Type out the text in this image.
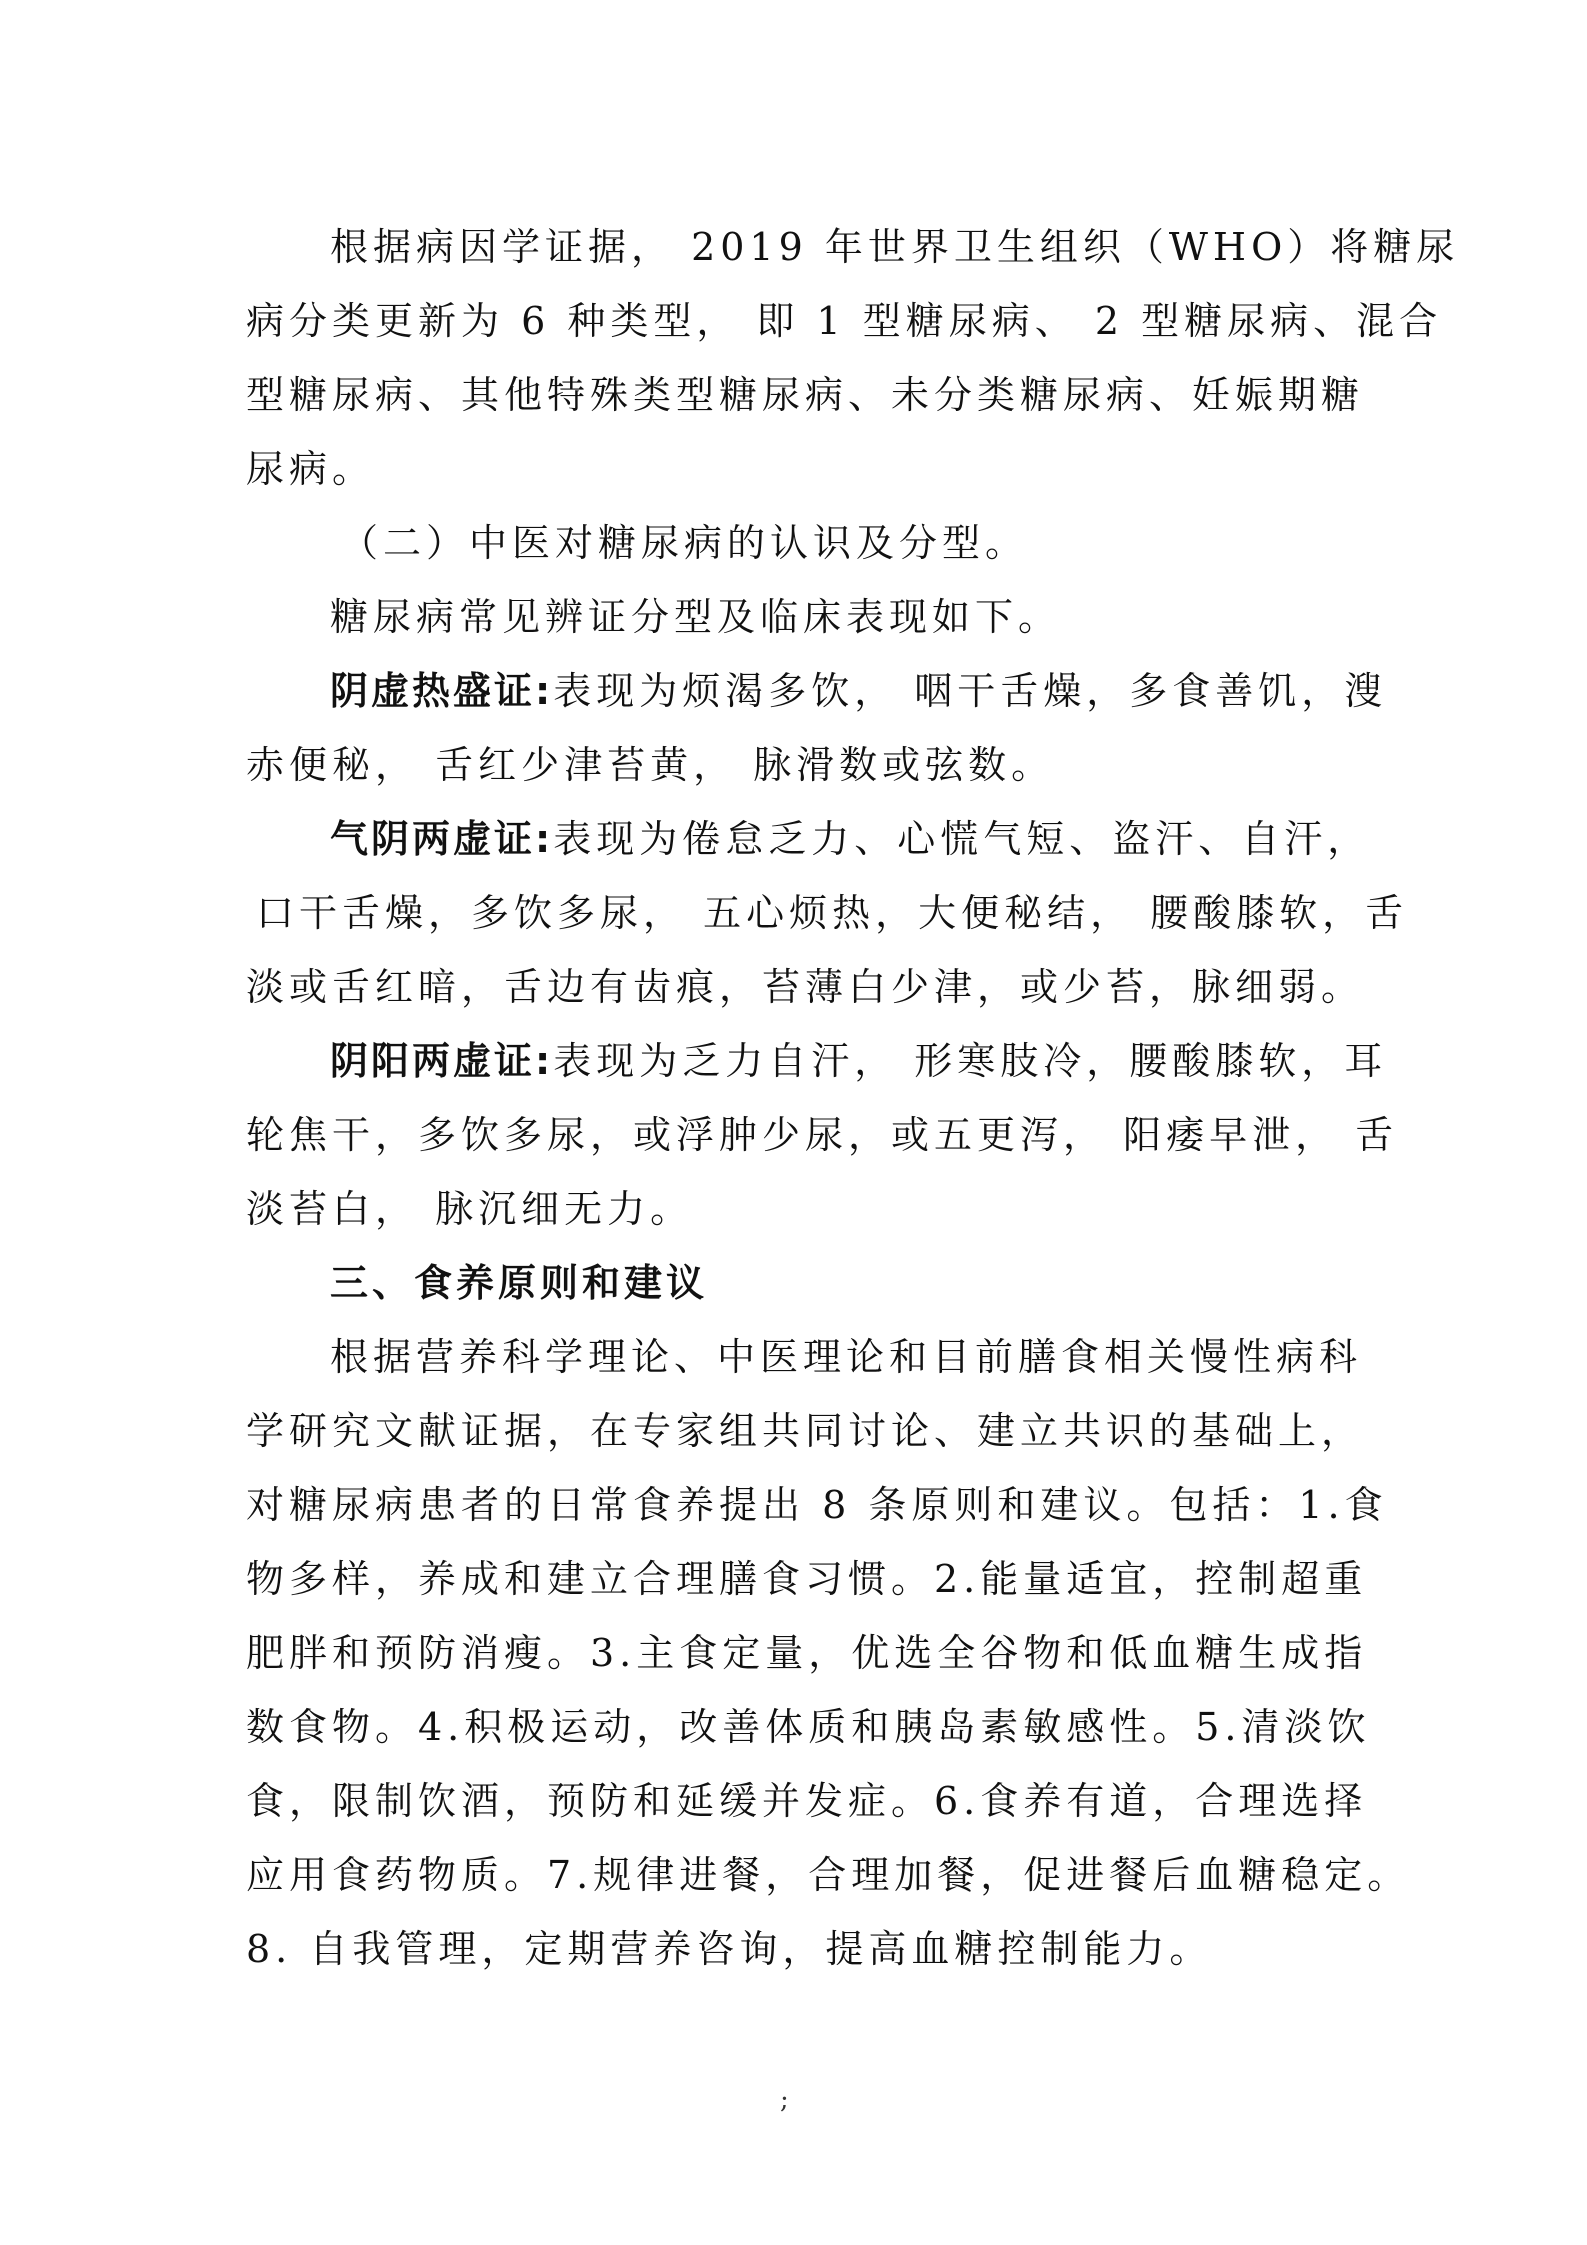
根据病因学证据， 2019 年世界卫生组织（WHO）将糖尿
病分类更新为 6 种类型， 即 1 型糖尿病、 2 型糖尿病、混合
型糖尿病、其他特殊类型糖尿病、未分类糖尿病、妊娠期糖
尿病。
（二）中医对糖尿病的认识及分型。
糖尿病常见辨证分型及临床表现如下。
阴虚热盛证:表现为烦渴多饮， 咽干舌燥，多食善饥，溲
赤便秘， 舌红少津苔黄， 脉滑数或弦数。
气阴两虚证:表现为倦怠乏力、心慌气短、盗汗、自汗，
口干舌燥，多饮多尿， 五心烦热，大便秘结， 腰酸膝软，舌
淡或舌红暗，舌边有齿痕，苔薄白少津，或少苔，脉细弱。
阴阳两虚证:表现为乏力自汗， 形寒肢冷，腰酸膝软，耳
轮焦干，多饮多尿，或浮肿少尿，或五更泻， 阳痿早泄， 舌
淡苔白， 脉沉细无力。
三、食养原则和建议
根据营养科学理论、中医理论和目前膳食相关慢性病科
学研究文献证据，在专家组共同讨论、建立共识的基础上，
对糖尿病患者的日常食养提出 8 条原则和建议。包括：1.食
物多样，养成和建立合理膳食习惯。2.能量适宜，控制超重
肥胖和预防消瘦。3.主食定量，优选全谷物和低血糖生成指
数食物。4.积极运动，改善体质和胰岛素敏感性。5.清淡饮
食，限制饮酒，预防和延缓并发症。6.食养有道，合理选择
应用食药物质。7.规律进餐，合理加餐，促进餐后血糖稳定。
8. 自我管理，定期营养咨询，提高血糖控制能力。
;
